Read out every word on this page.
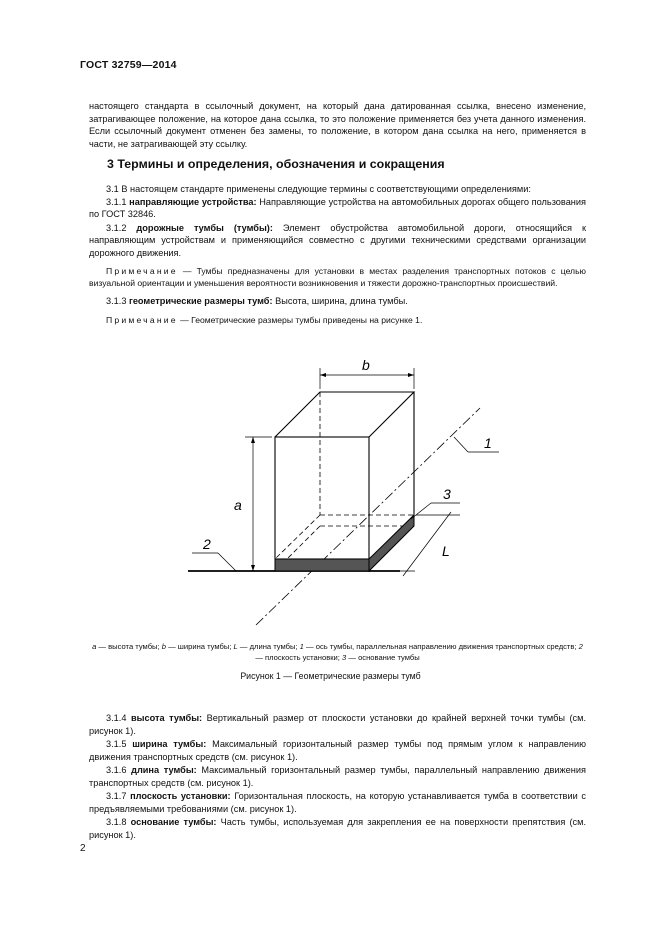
ГОСТ 32759—2014

настоящего стандарта в ссылочный документ, на который дана датированная ссылка, внесено изменение, затрагивающее положение, на которое дана ссылка, то это положение применяется без учета данного изменения. Если ссылочный документ отменен без замены, то положение, в котором дана ссылка на него, применяется в части, не затрагивающей эту ссылку.

3 Термины и определения, обозначения и сокращения

3.1 В настоящем стандарте применены следующие термины с соответствующими определениями:

3.1.1 направляющие устройства: Направляющие устройства на автомобильных дорогах общего пользования по ГОСТ 32846.

3.1.2 дорожные тумбы (тумбы): Элемент обустройства автомобильной дороги, относящийся к направляющим устройствам и применяющийся совместно с другими техническими средствами организации дорожного движения.

Примечание — Тумбы предназначены для установки в местах разделения транспортных потоков с целью визуальной ориентации и уменьшения вероятности возникновения и тяжести дорожно-транспортных происшествий.

3.1.3 геометрические размеры тумб: Высота, ширина, длина тумбы.

Примечание — Геометрические размеры тумбы приведены на рисунке 1.

b
a
L
1
2
3
a — высота тумбы; b — ширина тумбы; L — длина тумбы; 1 — ось тумбы, параллельная направлению движения транспортных средств; 2 — плоскость установки; 3 — основание тумбы
Рисунок 1 — Геометрические размеры тумб

3.1.4 высота тумбы: Вертикальный размер от плоскости установки до крайней верхней точки тумбы (см. рисунок 1).

3.1.5 ширина тумбы: Максимальный горизонтальный размер тумбы под прямым углом к направлению движения транспортных средств (см. рисунок 1).

3.1.6 длина тумбы: Максимальный горизонтальный размер тумбы, параллельный направлению движения транспортных средств (см. рисунок 1).

3.1.7 плоскость установки: Горизонтальная плоскость, на которую устанавливается тумба в соответствии с предъявляемыми требованиями (см. рисунок 1).

3.1.8 основание тумбы: Часть тумбы, используемая для закрепления ее на поверхности препятствия (см. рисунок 1).

2
